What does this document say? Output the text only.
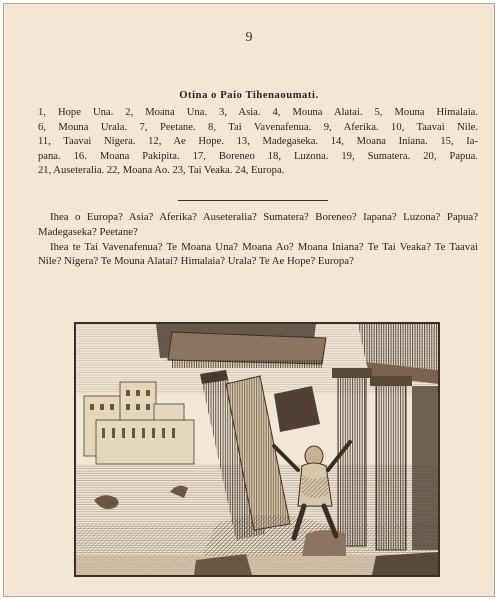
9
Otina o Paio Tihenaoumati.
1, Hope Una. 2, Moana Una. 3, Asia. 4, Mouna Alatai. 5, Mouna Himalaia.
6, Mouna Urala. 7, Peetane. 8, Tai Vavenafenua. 9, Aferika. 10, Taavai Nile.
11, Taavai Nigera. 12, Ae Hope. 13, Madegaseka. 14, Moana Iniana. 15, Ia-
pana. 16. Moana Pakipita. 17, Boreneo 18, Luzona. 19, Sumatera. 20, Papua.
21, Auseteralia. 22, Moana Ao. 23, Tai Veaka. 24, Europa.

Ihea o Europa? Asia? Aferika? Auseteralia? Sumatera? Boreneo? Iapana? Luzona? Papua? Madegaseka? Peetane?

Ihea te Tai Vavenafenua? Te Moana Una? Moana Ao? Moana Iniana? Te Tai Veaka? Te Taavai Nile? Nigera? Te Mouna Alatai? Himalaia? Urala? Te Ae Hope? Europa?
